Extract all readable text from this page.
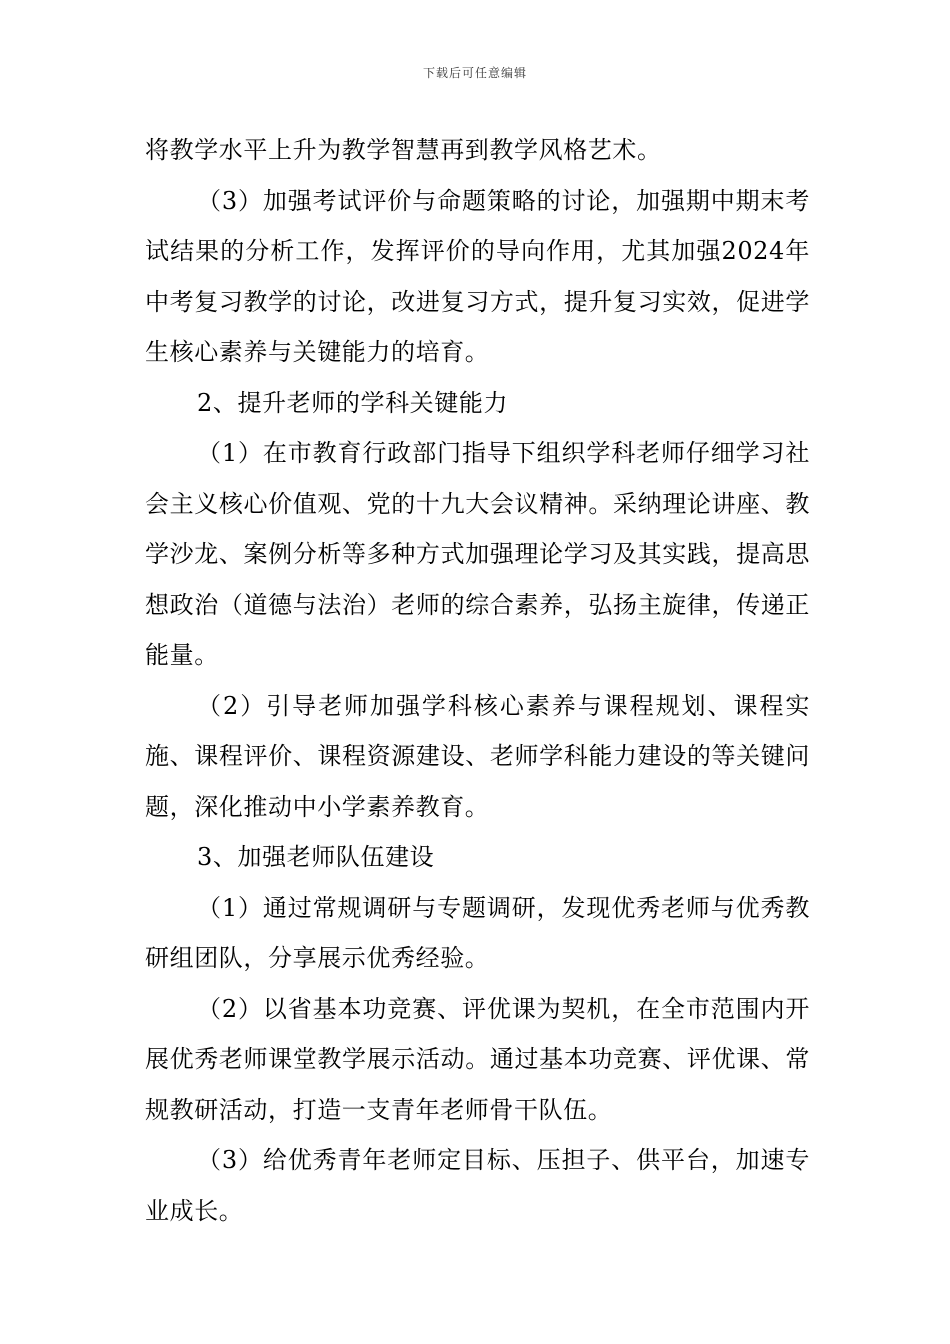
下载后可任意编辑

将教学水平上升为教学智慧再到教学风格艺术。

（3）加强考试评价与命题策略的讨论，加强期中期末考试结果的分析工作，发挥评价的导向作用，尤其加强2024年中考复习教学的讨论，改进复习方式，提升复习实效，促进学生核心素养与关键能力的培育。

2、提升老师的学科关键能力

（1）在市教育行政部门指导下组织学科老师仔细学习社会主义核心价值观、党的十九大会议精神。采纳理论讲座、教学沙龙、案例分析等多种方式加强理论学习及其实践，提高思想政治（道德与法治）老师的综合素养，弘扬主旋律，传递正能量。

（2）引导老师加强学科核心素养与课程规划、课程实施、课程评价、课程资源建设、老师学科能力建设的等关键问题，深化推动中小学素养教育。

3、加强老师队伍建设

（1）通过常规调研与专题调研，发现优秀老师与优秀教研组团队，分享展示优秀经验。

（2）以省基本功竞赛、评优课为契机，在全市范围内开展优秀老师课堂教学展示活动。通过基本功竞赛、评优课、常规教研活动，打造一支青年老师骨干队伍。

（3）给优秀青年老师定目标、压担子、供平台，加速专业成长。
